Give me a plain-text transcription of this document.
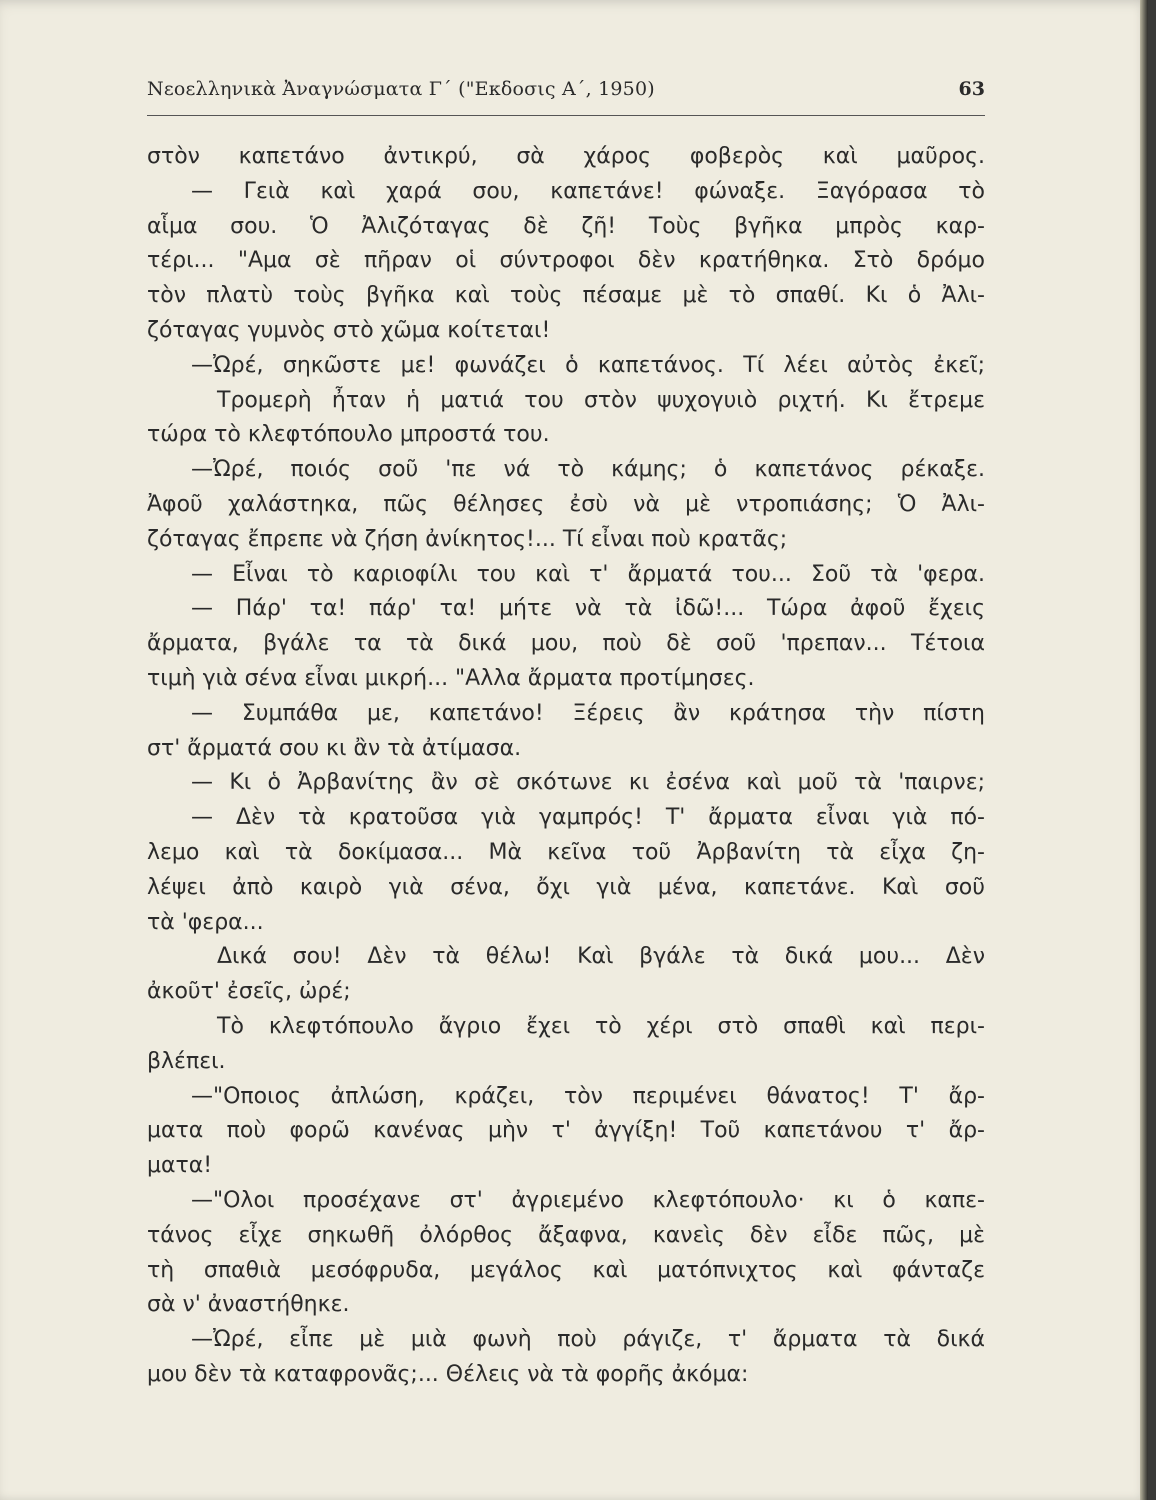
Νεοελληνικὰ Ἀναγνώσματα Γ΄ ("Εκδοσις Α΄, 1950)	63
στὸν καπετάνο ἀντικρύ, σὰ χάρος φοβερὸς καὶ μαῦρος.
— Γειὰ καὶ χαρά σου, καπετάνε! φώναξε. Ξαγόρασα τὸ
αἷμα σου. Ὁ Ἀλιζόταγας δὲ ζῆ! Τοὺς βγῆκα μπρὸς καρ-
τέρι... "Αμα σὲ πῆραν οἱ σύντροφοι δὲν κρατήθηκα. Στὸ δρόμο
τὸν πλατὺ τοὺς βγῆκα καὶ τοὺς πέσαμε μὲ τὸ σπαθί. Κι ὁ Ἀλι-
ζόταγας γυμνὸς στὸ χῶμα κοίτεται!
—Ὠρέ, σηκῶστε με! φωνάζει ὁ καπετάνος. Τί λέει αὐτὸς ἐκεῖ;
Τρομερὴ ἦταν ἡ ματιά του στὸν ψυχογυιὸ ριχτή. Κι ἔτρεμε
τώρα τὸ κλεφτόπουλο μπροστά του.
—Ὠρέ, ποιός σοῦ 'πε νά τὸ κάμης; ὁ καπετάνος ρέκαξε.
Ἀφοῦ χαλάστηκα, πῶς θέλησες ἐσὺ νὰ μὲ ντροπιάσης; Ὁ Ἀλι-
ζόταγας ἔπρεπε νὰ ζήση ἀνίκητος!... Τί εἶναι ποὺ κρατᾶς;
— Εἶναι τὸ καριοφίλι του καὶ τ' ἄρματά του... Σοῦ τὰ 'φερα.
— Πάρ' τα! πάρ' τα! μήτε νὰ τὰ ἰδῶ!... Τώρα ἀφοῦ ἔχεις
ἄρματα, βγάλε τα τὰ δικά μου, ποὺ δὲ σοῦ 'πρεπαν... Τέτοια
τιμὴ γιὰ σένα εἶναι μικρή... "Αλλα ἄρματα προτίμησες.
— Συμπάθα με, καπετάνο! Ξέρεις ἂν κράτησα τὴν πίστη
στ' ἄρματά σου κι ἂν τὰ ἀτίμασα.
— Κι ὁ Ἀρβανίτης ἂν σὲ σκότωνε κι ἐσένα καὶ μοῦ τὰ 'παιρνε;
— Δὲν τὰ κρατοῦσα γιὰ γαμπρός! Τ' ἄρματα εἶναι γιὰ πό-
λεμο καὶ τὰ δοκίμασα... Μὰ κεῖνα τοῦ Ἀρβανίτη τὰ εἶχα ζη-
λέψει ἀπὸ καιρὸ γιὰ σένα, ὄχι γιὰ μένα, καπετάνε. Καὶ σοῦ
τὰ 'φερα...
Δικά σου! Δὲν τὰ θέλω! Καὶ βγάλε τὰ δικά μου... Δὲν
ἀκοῦτ' ἐσεῖς, ὠρέ;
Τὸ κλεφτόπουλο ἄγριο ἔχει τὸ χέρι στὸ σπαθὶ καὶ περι-
βλέπει.
—"Οποιος ἀπλώση, κράζει, τὸν περιμένει θάνατος! Τ' ἄρ-
ματα ποὺ φορῶ κανένας μὴν τ' ἀγγίξη! Τοῦ καπετάνου τ' ἄρ-
ματα!
—"Ολοι προσέχανε στ' ἀγριεμένο κλεφτόπουλο· κι ὁ καπε-
τάνος εἶχε σηκωθῆ ὀλόρθος ἄξαφνα, κανεὶς δὲν εἶδε πῶς, μὲ
τὴ σπαθιὰ μεσόφρυδα, μεγάλος καὶ ματόπνιχτος καὶ φάνταζε
σὰ ν' ἀναστήθηκε.
—Ὠρέ, εἶπε μὲ μιὰ φωνὴ ποὺ ράγιζε, τ' ἄρματα τὰ δικά
μου δὲν τὰ καταφρονᾶς;... Θέλεις νὰ τὰ φορῆς ἀκόμα:
